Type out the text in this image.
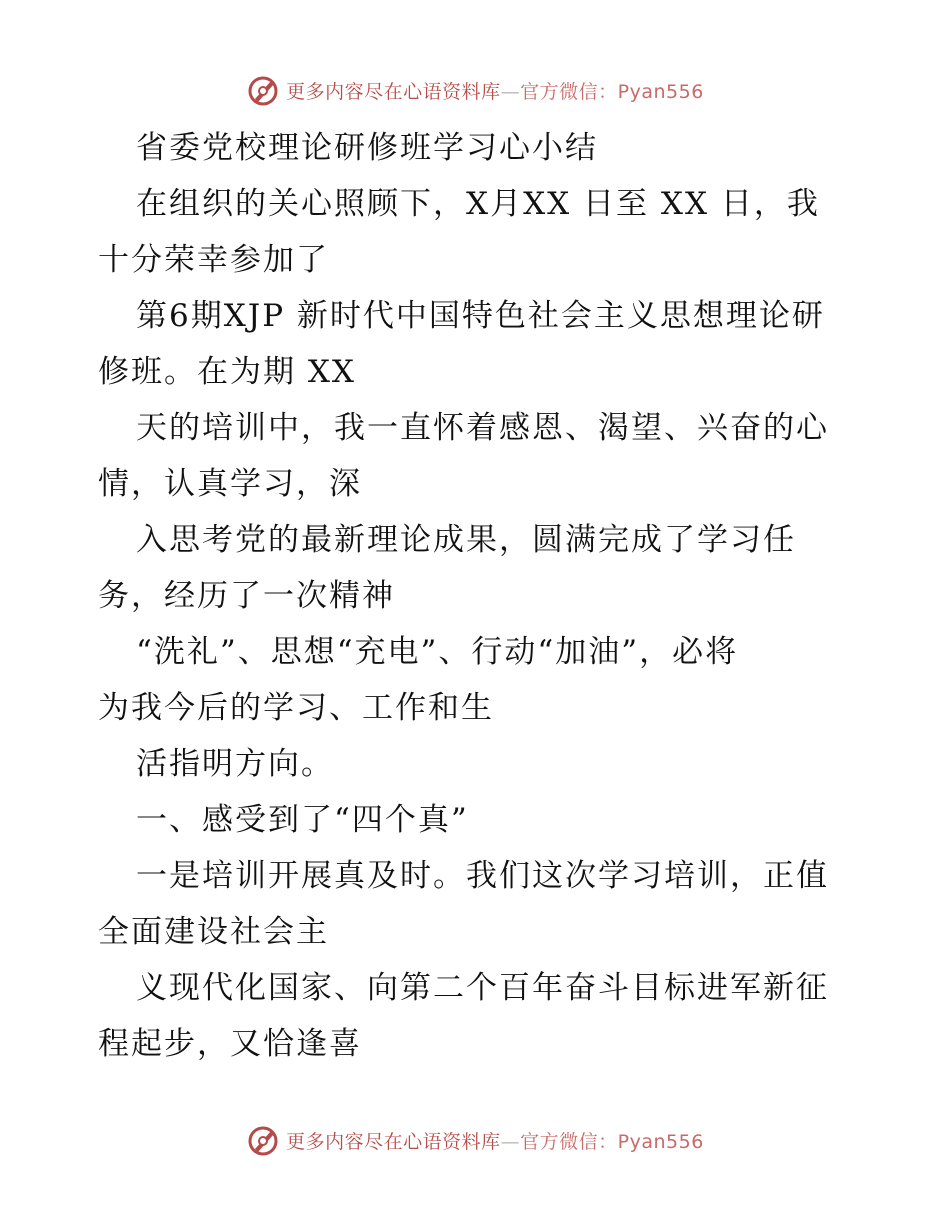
更多内容尽在心语资料库—官方微信：Pyan556
省委党校理论研修班学习心小结
在组织的关心照顾下，X月XX 日至 XX 日，我
十分荣幸参加了
第6期XJP 新时代中国特色社会主义思想理论研
修班。在为期 XX
天的培训中，我一直怀着感恩、渴望、兴奋的心
情，认真学习，深
入思考党的最新理论成果，圆满完成了学习任
务，经历了一次精神
“洗礼”、思想“充电”、行动“加油”，必将
为我今后的学习、工作和生
活指明方向。
一、感受到了“四个真”
一是培训开展真及时。我们这次学习培训，正值
全面建设社会主
义现代化国家、向第二个百年奋斗目标进军新征
程起步，又恰逢喜
更多内容尽在心语资料库—官方微信：Pyan556
